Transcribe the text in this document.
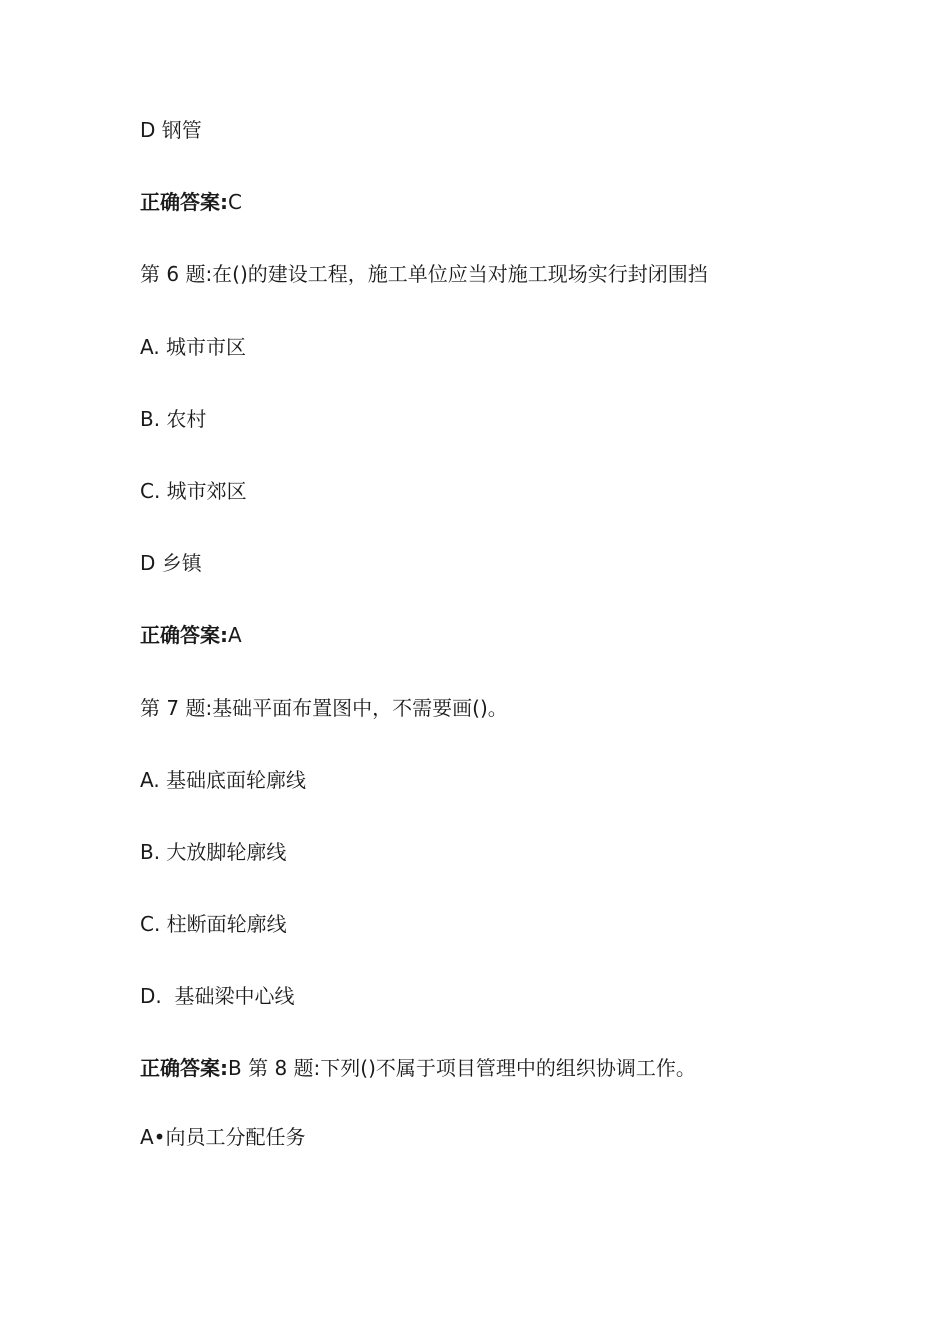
D 钢管
正确答案:C
第 6 题:在()的建设工程，施工单位应当对施工现场实行封闭围挡
A. 城市市区
B. 农村
C. 城市郊区
D 乡镇
正确答案:A
第 7 题:基础平面布置图中，不需要画()。
A. 基础底面轮廓线
B. 大放脚轮廓线
C. 柱断面轮廓线
D.  基础梁中心线
正确答案:B 第 8 题:下列()不属于项目管理中的组织协调工作。
A•向员工分配任务
